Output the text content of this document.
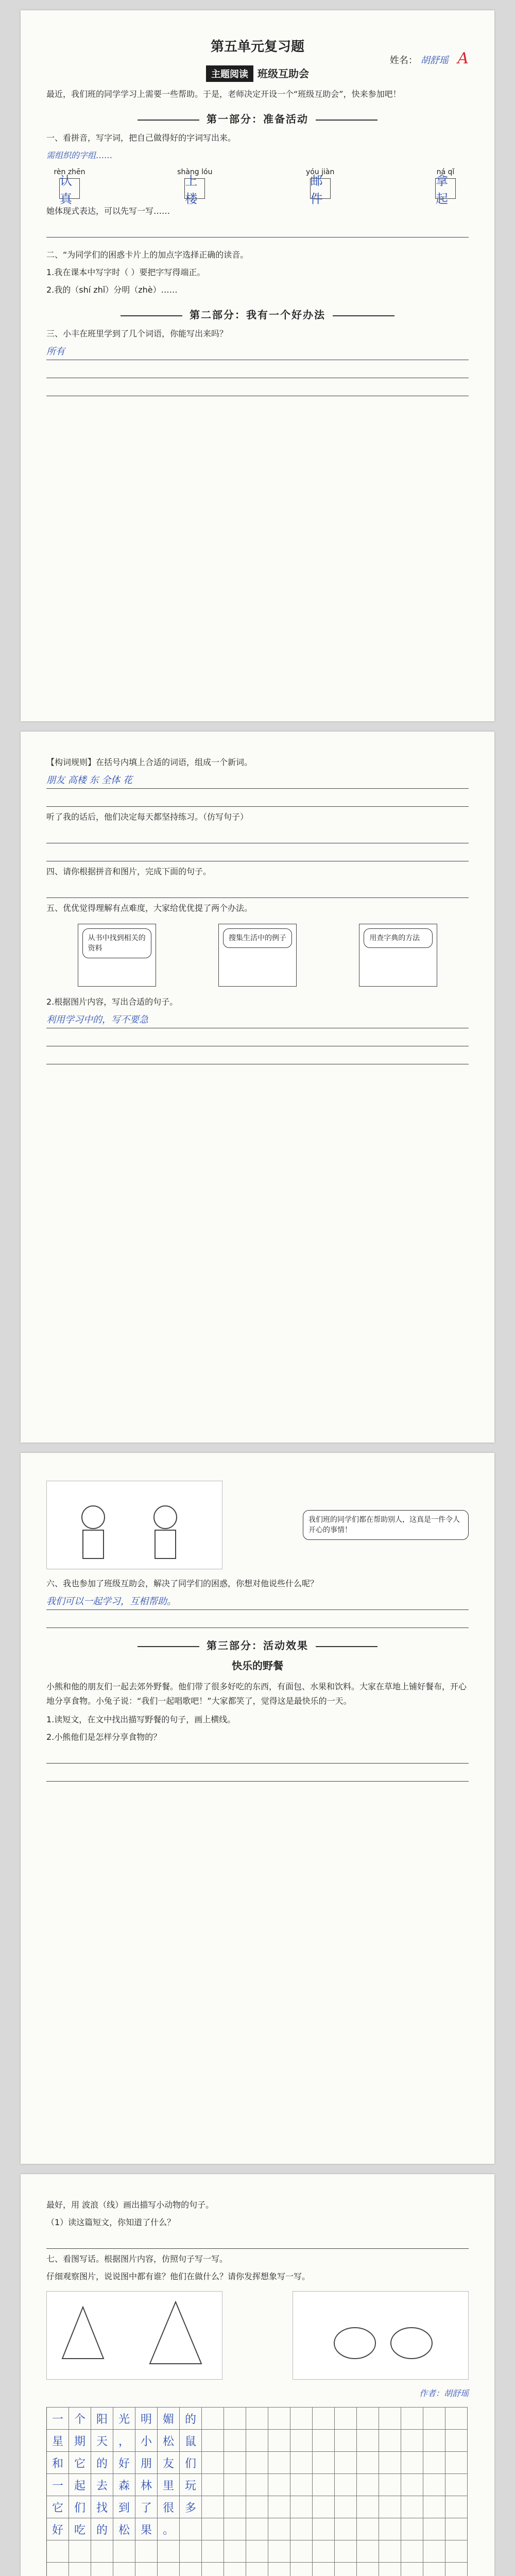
第五单元复习题
姓名： 胡舒瑶 A
主题阅读 班级互助会
最近，我们班的同学学习上需要一些帮助。于是，老师决定开设一个“班级互助会”，快来参加吧！
第一部分：准备活动
一、看拼音，写字词，把自己做得好的字词写出来。
需组织的字组……
rèn zhēn
认真
shàng lóu
上楼
yóu jiàn
邮件
ná qǐ
拿起
她体现式表达，可以先写一写……
二、“为同学们的困惑卡片上的加点字选择正确的读音。
1.我在课本中写字时（ ）要把字写得端正。
2.我的（shí zhǐ）分明（zhè）……
第二部分：我有一个好办法
三、小丰在班里学到了几个词语，你能写出来吗？
所有
【构词规则】在括号内填上合适的词语，组成一个新词。
朋友 高楼 东 全体 花
听了我的话后，他们决定每天都坚持练习。（仿写句子）
四、请你根据拼音和图片，完成下面的句子。
五、优优觉得理解有点难度，大家给优优提了两个办法。
从书中找到相关的资料
搜集生活中的例子	用查字典的方法
2.根据图片内容，写出合适的句子。
利用学习中的，写不要急
我们班的同学们都在帮助别人，这真是一件令人开心的事情！
六、我也参加了班级互助会，解决了同学们的困惑，你想对他说些什么呢？
我们可以一起学习，互相帮助。
第三部分：活动效果
快乐的野餐
小熊和他的朋友们一起去郊外野餐。他们带了很多好吃的东西，有面包、水果和饮料。大家在草地上铺好餐布，开心地分享食物。小兔子说：“我们一起唱歌吧！”大家都笑了，觉得这是最快乐的一天。
1.读短文，在文中找出描写野餐的句子，画上横线。
2.小熊他们是怎样分享食物的？
最好，用 波浪（线）画出描写小动物的句子。
（1）读这篇短文，你知道了什么？
七、看图写话。根据图片内容，仿照句子写一写。
仔细观察图片，说说图中都有谁？他们在做什么？请你发挥想象写一写。
作者：胡舒瑶
一 个 阳 光 明 媚 的
星 期 天 ， 小 松 鼠
和 它 的 好 朋 友 们
一 起 去 森 林 里 玩
它 们 找 到 了 很 多
好 吃 的 松 果 。
